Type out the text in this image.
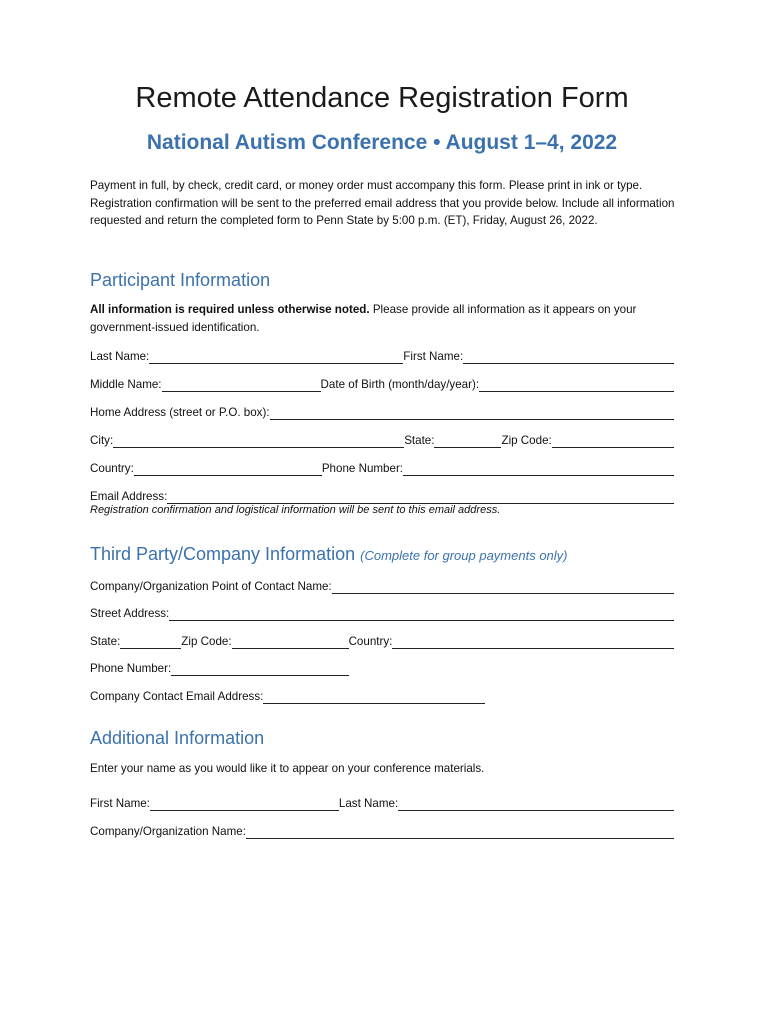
Remote Attendance Registration Form
National Autism Conference • August 1–4, 2022

Payment in full, by check, credit card, or money order must accompany this form. Please print in ink or type. Registration confirmation will be sent to the preferred email address that you provide below. Include all information requested and return the completed form to Penn State by 5:00 p.m. (ET), Friday, August 26, 2022.

Participant Information

All information is required unless otherwise noted. Please provide all information as it appears on your government-issued identification.

Last Name:	First Name:
Middle Name:	Date of Birth (month/day/year):
Home Address (street or P.O. box):
City:	State:	Zip Code:
Country:	Phone Number:
Email Address:

Registration confirmation and logistical information will be sent to this email address.

Third Party/Company Information (Complete for group payments only)
Company/Organization Point of Contact Name:
Street Address:
State:	Zip Code:	Country:
Phone Number:
Company Contact Email Address:
Additional Information

Enter your name as you would like it to appear on your conference materials.

First Name:	Last Name:
Company/Organization Name:
